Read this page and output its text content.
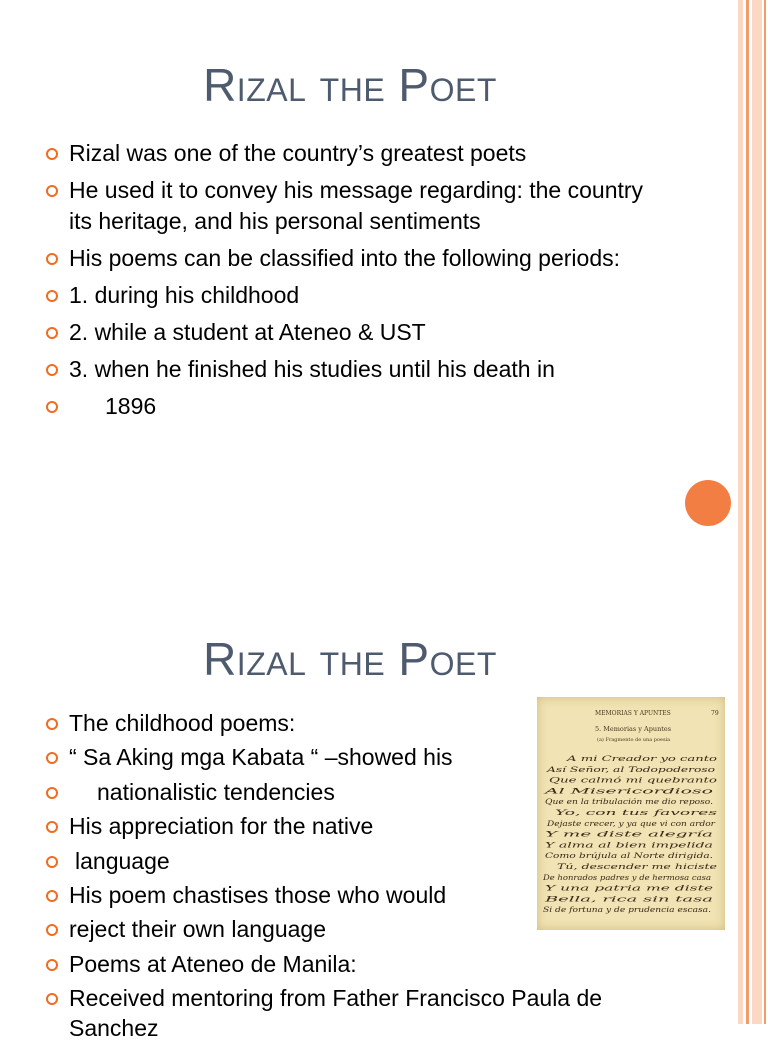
Rizal the Poet
Rizal was one of the country’s greatest poets
He used it to convey his message regarding: the country its heritage, and his personal sentiments
His poems can be classified into the following periods:
1. during his childhood
2. while a student at Ateneo & UST
3. when he finished his studies until his death in
1896
Rizal the Poet
The childhood poems:
“ Sa Aking mga Kabata “ –showed his
nationalistic tendencies
His appreciation for the native
language
His poem chastises those who would
reject their own language
Poems at Ateneo de Manila:
Received mentoring from Father Francisco Paula de Sanchez
MEMORIAS Y APUNTES	79
5. Memorias y Apuntes
(a) Fragmento de una poesía
A mi Creador yo canto
Así Señor, al Todopoderoso
Que calmó mi quebranto
Al Misericordioso
Que en la tribulación me dio reposo.
Yo, con tus favores
Dejaste crecer, y ya que vi con ardor
Y me diste alegría
Y alma al bien impelida
Como brújula al Norte dirigida.
Tú, descender me hiciste
De honrados padres y de hermosa casa
Y una patria me diste
Bella, rica sin tasa
Si de fortuna y de prudencia escasa.
